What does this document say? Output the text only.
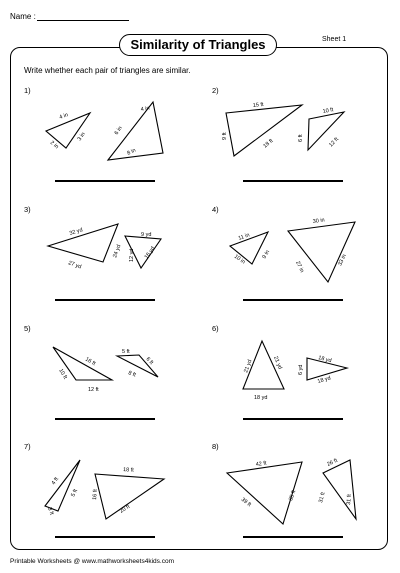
Name :
Sheet 1
Similarity of Triangles
Write whether each pair of triangles are similar.
1)	2)
3)	4)
5)	6)
7)	8)
4 in
3 in
2 in
4 in
6 in
8 in
15 ft
9 ft
18 ft
10 ft
6 ft	12 ft
32 yd
24 yd
27 yd
9 yd
12 yd 16 yd
11 in
9 in
10 in
30 in
27 in
33 in
16 ft
10 ft
12 ft
5 ft
6 ft
8 ft
21 yd	21 yd
18 yd
18 yd
6 yd
18 yd
4 ft
5 ft
3 ft
18 ft
16 ft
20 ft
42 ft
35 ft
39 ft
26 ft
31 ft	31 ft
Printable Worksheets @ www.mathworksheets4kids.com
